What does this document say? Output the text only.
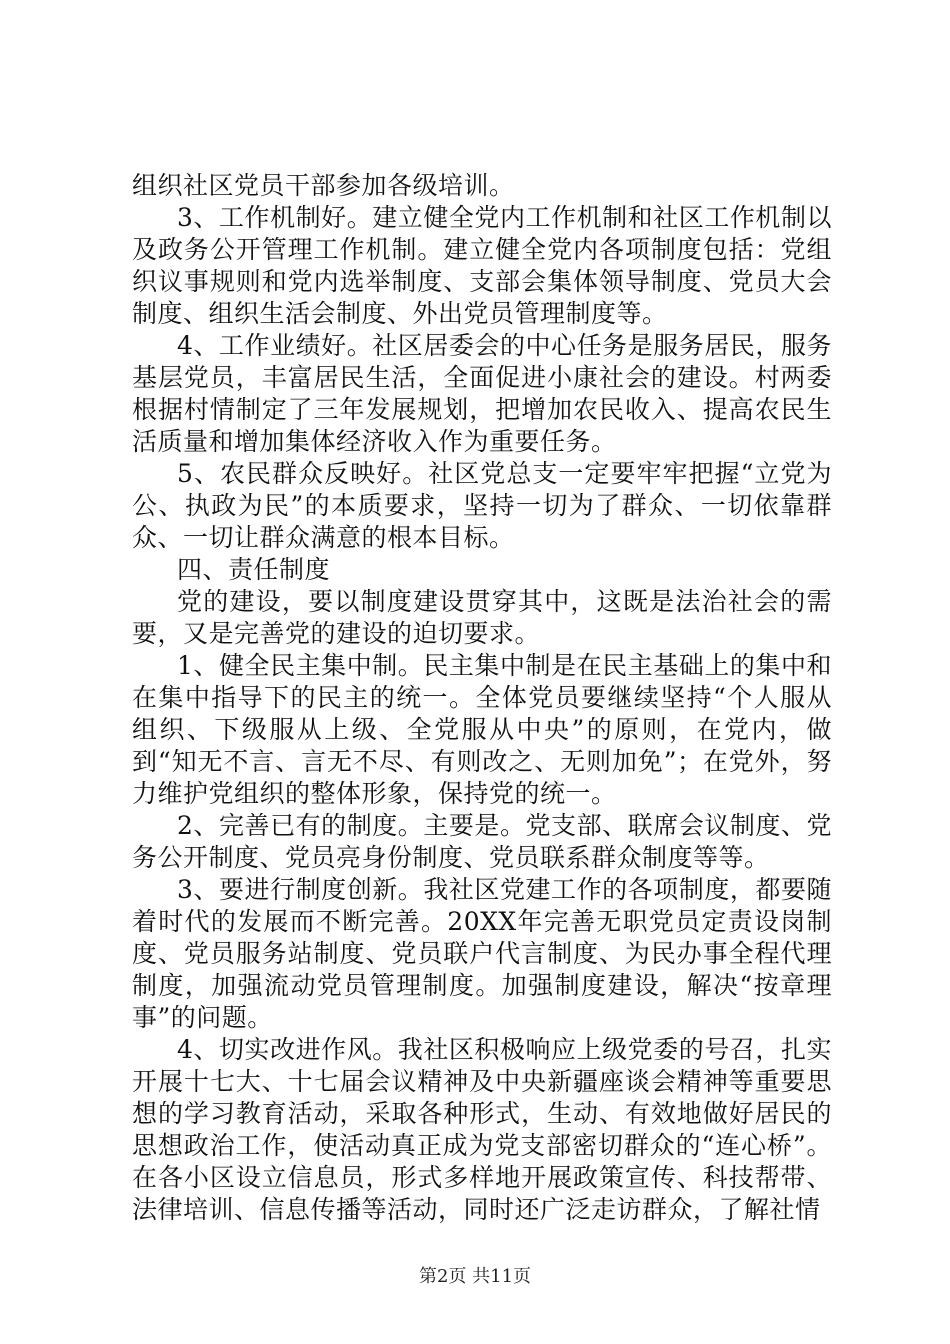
组织社区党员干部参加各级培训。

3、工作机制好。建立健全党内工作机制和社区工作机制以及政务公开管理工作机制。建立健全党内各项制度包括：党组织议事规则和党内选举制度、支部会集体领导制度、党员大会制度、组织生活会制度、外出党员管理制度等。

4、工作业绩好。社区居委会的中心任务是服务居民，服务基层党员，丰富居民生活，全面促进小康社会的建设。村两委根据村情制定了三年发展规划，把增加农民收入、提高农民生活质量和增加集体经济收入作为重要任务。

5、农民群众反映好。社区党总支一定要牢牢把握“立党为公、执政为民”的本质要求，坚持一切为了群众、一切依靠群众、一切让群众满意的根本目标。

四、责任制度

党的建设，要以制度建设贯穿其中，这既是法治社会的需要，又是完善党的建设的迫切要求。

1、健全民主集中制。民主集中制是在民主基础上的集中和在集中指导下的民主的统一。全体党员要继续坚持“个人服从组织、下级服从上级、全党服从中央”的原则，在党内，做到“知无不言、言无不尽、有则改之、无则加免”；在党外，努力维护党组织的整体形象，保持党的统一。

2、完善已有的制度。主要是。党支部、联席会议制度、党务公开制度、党员亮身份制度、党员联系群众制度等等。

3、要进行制度创新。我社区党建工作的各项制度，都要随着时代的发展而不断完善。20XX年完善无职党员定责设岗制度、党员服务站制度、党员联户代言制度、为民办事全程代理制度，加强流动党员管理制度。加强制度建设，解决“按章理事”的问题。

4、切实改进作风。我社区积极响应上级党委的号召，扎实开展十七大、十七届会议精神及中央新疆座谈会精神等重要思想的学习教育活动，采取各种形式，生动、有效地做好居民的思想政治工作，使活动真正成为党支部密切群众的“连心桥”。在各小区设立信息员，形式多样地开展政策宣传、科技帮带、法律培训、信息传播等活动，同时还广泛走访群众，了解社情

第2页 共11页
